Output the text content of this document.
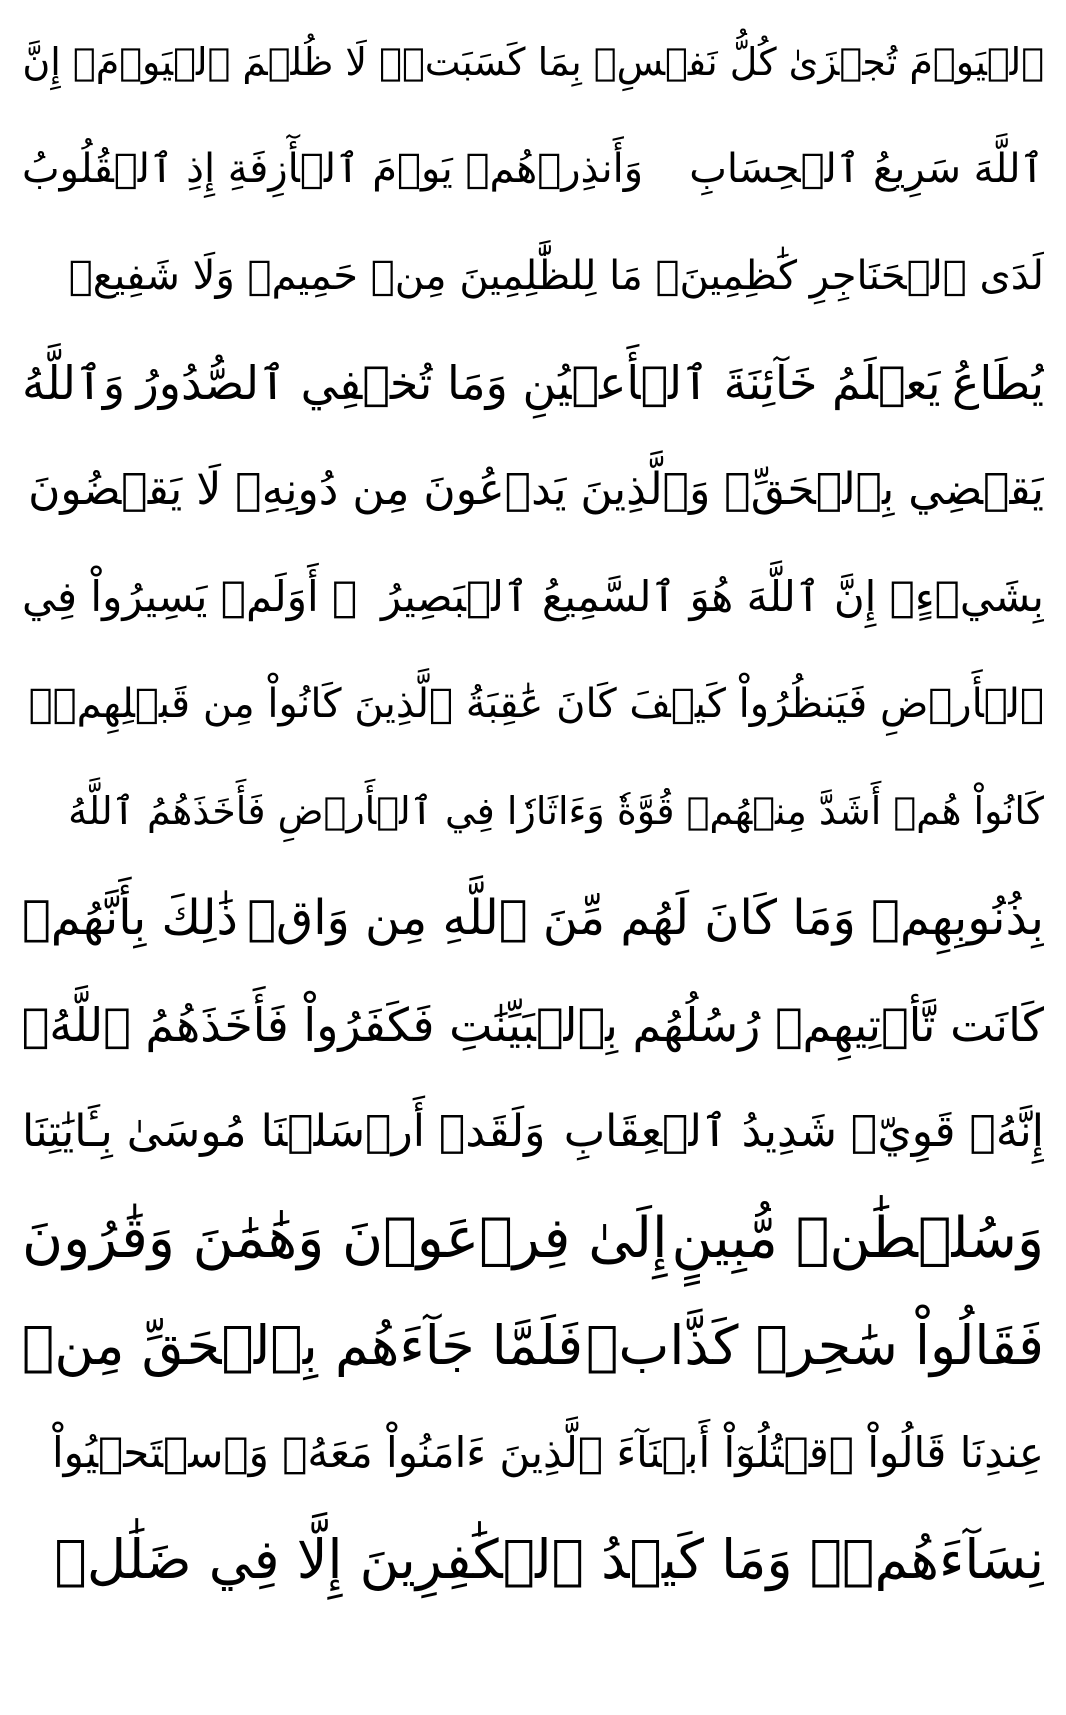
ٱلۡيَوۡمَ تُجۡزَىٰ كُلُّ نَفۡسِۭ بِمَا كَسَبَتۡۚ لَا ظُلۡمَ ٱلۡيَوۡمَۚ إِنَّ
ٱللَّهَ سَرِيعُ ٱلۡحِسَابِ
وَأَنذِرۡهُمۡ يَوۡمَ ٱلۡأٓزِفَةِ إِذِ ٱلۡقُلُوبُ
لَدَى ٱلۡحَنَاجِرِ كَٰظِمِينَۚ مَا لِلظَّٰلِمِينَ مِنۡ حَمِيمٖ وَلَا شَفِيعٖ
يُطَاعُ
يَعۡلَمُ خَآئِنَةَ ٱلۡأَعۡيُنِ وَمَا تُخۡفِي ٱلصُّدُورُ
وَٱللَّهُ
يَقۡضِي بِٱلۡحَقِّۖ وَٱلَّذِينَ يَدۡعُونَ مِن دُونِهِۦ لَا يَقۡضُونَ
بِشَيۡءٍۗ إِنَّ ٱللَّهَ هُوَ ٱلسَّمِيعُ ٱلۡبَصِيرُ
۞ أَوَلَمۡ يَسِيرُواْ فِي
ٱلۡأَرۡضِ فَيَنظُرُواْ كَيۡفَ كَانَ عَٰقِبَةُ ٱلَّذِينَ كَانُواْ مِن قَبۡلِهِمۡۚ
كَانُواْ هُمۡ أَشَدَّ مِنۡهُمۡ قُوَّةٗ وَءَاثَارٗا فِي ٱلۡأَرۡضِ فَأَخَذَهُمُ ٱللَّهُ
بِذُنُوبِهِمۡ وَمَا كَانَ لَهُم مِّنَ ٱللَّهِ مِن وَاقٖ
ذَٰلِكَ بِأَنَّهُمۡ
كَانَت تَّأۡتِيهِمۡ رُسُلُهُم بِٱلۡبَيِّنَٰتِ فَكَفَرُواْ فَأَخَذَهُمُ ٱللَّهُۚ
إِنَّهُۥ قَوِيّٞ شَدِيدُ ٱلۡعِقَابِ
وَلَقَدۡ أَرۡسَلۡنَا مُوسَىٰ بِـَٔايَٰتِنَا
وَسُلۡطَٰنٖ مُّبِينٍ
إِلَىٰ فِرۡعَوۡنَ وَهَٰمَٰنَ وَقَٰرُونَ
فَقَالُواْ سَٰحِرٞ كَذَّابٞ
فَلَمَّا جَآءَهُم بِٱلۡحَقِّ مِنۡ
عِندِنَا قَالُواْ ٱقۡتُلُوٓاْ أَبۡنَآءَ ٱلَّذِينَ ءَامَنُواْ مَعَهُۥ وَٱسۡتَحۡيُواْ
نِسَآءَهُمۡۚ وَمَا كَيۡدُ ٱلۡكَٰفِرِينَ إِلَّا فِي ضَلَٰلٖ
